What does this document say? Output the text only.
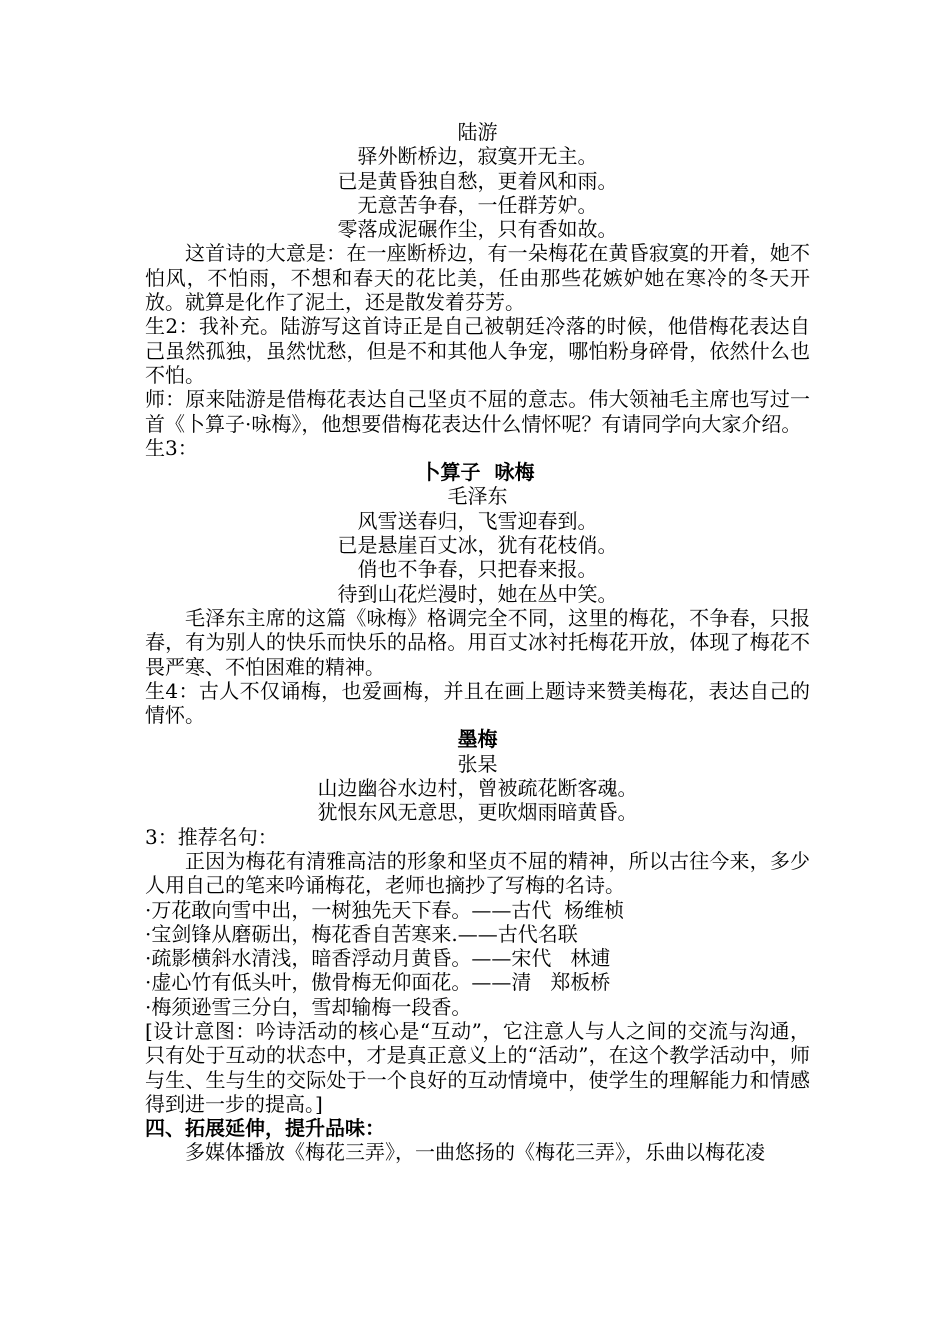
陆游
驿外断桥边，寂寞开无主。
已是黄昏独自愁，更着风和雨。
无意苦争春，一任群芳妒。
零落成泥碾作尘，只有香如故。
这首诗的大意是：在一座断桥边，有一朵梅花在黄昏寂寞的开着，她不怕风，不怕雨，不想和春天的花比美，任由那些花嫉妒她在寒冷的冬天开放。就算是化作了泥土，还是散发着芬芳。
生2：我补充。陆游写这首诗正是自己被朝廷冷落的时候，他借梅花表达自己虽然孤独，虽然忧愁，但是不和其他人争宠，哪怕粉身碎骨，依然什么也不怕。
师：原来陆游是借梅花表达自己坚贞不屈的意志。伟大领袖毛主席也写过一首《卜算子·咏梅》，他想要借梅花表达什么情怀呢？有请同学向大家介绍。
生3：
卜算子  咏梅
毛泽东
风雪送春归，飞雪迎春到。
已是悬崖百丈冰，犹有花枝俏。
俏也不争春，只把春来报。
待到山花烂漫时，她在丛中笑。
毛泽东主席的这篇《咏梅》格调完全不同，这里的梅花，不争春，只报春，有为别人的快乐而快乐的品格。用百丈冰衬托梅花开放，体现了梅花不畏严寒、不怕困难的精神。
生4：古人不仅诵梅，也爱画梅，并且在画上题诗来赞美梅花，表达自己的情怀。
墨梅
张杲
山边幽谷水边村，曾被疏花断客魂。
犹恨东风无意思，更吹烟雨暗黄昏。
3：推荐名句：
正因为梅花有清雅高洁的形象和坚贞不屈的精神，所以古往今来，多少人用自己的笔来吟诵梅花，老师也摘抄了写梅的名诗。
·万花敢向雪中出，一树独先天下春。——古代  杨维桢
·宝剑锋从磨砺出，梅花香自苦寒来.——古代名联
·疏影横斜水清浅，暗香浮动月黄昏。——宋代   林逋
·虚心竹有低头叶，傲骨梅无仰面花。——清   郑板桥
·梅须逊雪三分白，雪却输梅一段香。
[设计意图：吟诗活动的核心是“互动”，它注意人与人之间的交流与沟通，只有处于互动的状态中，才是真正意义上的“活动”，在这个教学活动中，师与生、生与生的交际处于一个良好的互动情境中，使学生的理解能力和情感得到进一步的提高。]
四、拓展延伸，提升品味：
多媒体播放《梅花三弄》，一曲悠扬的《梅花三弄》，乐曲以梅花凌
